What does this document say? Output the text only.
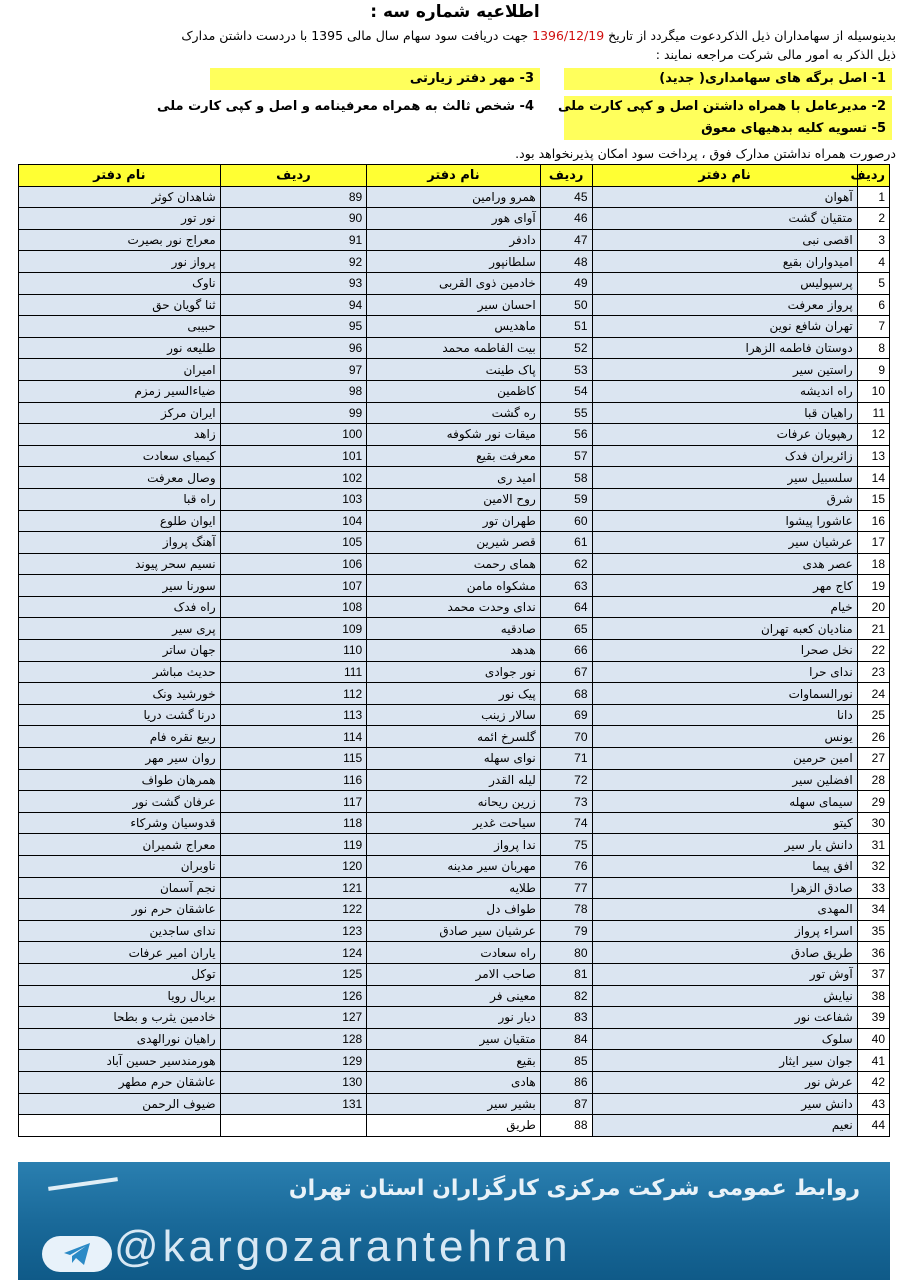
اطلاعیه شماره سه :
بدینوسیله از سهامداران ذیل الذکردعوت میگردد از تاریخ 1396/12/19 جهت دریافت سود سهام سال مالی 1395 با دردست داشتن مدارک
ذیل الذکر به امور مالی شرکت مراجعه نمایند :
1- اصل برگه های سهامداری( جدید)
2- مدیرعامل با همراه داشتن اصل و کپی کارت ملی
5- تسویه کلیه بدهیهای معوق
3- مهر دفتر زیارتی
4- شخص ثالث به همراه معرفینامه و اصل و کپی کارت ملی
درصورت همراه نداشتن مدارک فوق ، پرداخت سود امکان پذیرنخواهد بود.
ردیف	نام دفتر	ردیف	نام دفتر	ردیف	نام دفتر
1	آهوان	45	همرو ورامین	89	شاهدان کوثر
2	متقیان گشت	46	آوای هور	90	نور تور
3	اقصی نبی	47	دادفر	91	معراج نور بصیرت
4	امیدواران بقیع	48	سلطانپور	92	پرواز نور
5	پرسپولیس	49	خادمین ذوی القربی	93	ناوک
6	پرواز معرفت	50	احسان سیر	94	ثنا گویان حق
7	تهران شافع نوین	51	ماهدیس	95	حبیبی
8	دوستان فاطمه الزهرا	52	بیت الفاطمه محمد	96	طلیعه نور
9	راستین سیر	53	پاک طینت	97	امیران
10	راه اندیشه	54	کاظمین	98	ضیاءالسیر زمزم
11	راهیان قبا	55	ره گشت	99	ایران مرکز
12	رهپویان عرفات	56	میقات نور شکوفه	100	زاهد
13	زائربران فدک	57	معرفت بقیع	101	کیمیای سعادت
14	سلسبیل سیر	58	امید ری	102	وصال معرفت
15	شرق	59	روح الامین	103	راه قبا
16	عاشورا پیشوا	60	طهران تور	104	ایوان طلوع
17	عرشیان سیر	61	قصر شیرین	105	آهنگ پرواز
18	عصر هدی	62	همای رحمت	106	نسیم سحر پیوند
19	کاج مهر	63	مشکواه مامن	107	سورنا سیر
20	خیام	64	ندای وحدت محمد	108	راه فدک
21	منادیان کعبه تهران	65	صادقیه	109	پری سیر
22	نخل صحرا	66	هدهد	110	جهان ساتر
23	ندای حرا	67	نور جوادی	111	حدیث مباشر
24	نورالسماوات	68	پیک نور	112	خورشید ونک
25	دانا	69	سالار زینب	113	درنا گشت دریا
26	یونس	70	گلسرخ ائمه	114	ربیع نقره فام
27	امین حرمین	71	نوای سهله	115	روان سیر مهر
28	افضلین سیر	72	لیله القدر	116	همرهان طواف
29	سیمای سهله	73	زرین ریحانه	117	عرفان گشت نور
30	کیتو	74	سیاحت غدیر	118	قدوسیان وشرکاء
31	دانش یار سیر	75	ندا پرواز	119	معراج شمیران
32	افق پیما	76	مهربان سیر مدینه	120	ناوبران
33	صادق الزهرا	77	طلایه	121	نجم آسمان
34	المهدی	78	طواف دل	122	عاشقان حرم نور
35	اسراء پرواز	79	عرشیان سیر صادق	123	ندای ساجدین
36	طریق صادق	80	راه سعادت	124	یاران امیر عرفات
37	آوش تور	81	صاحب الامر	125	توکل
38	نیایش	82	معینی فر	126	بربال رویا
39	شفاعت نور	83	دیار نور	127	خادمین یثرب و بطحا
40	سلوک	84	متقیان سیر	128	راهیان نورالهدی
41	جوان سیر ایثار	85	بقیع	129	هورمندسیر حسین آباد
42	عرش نور	86	هادی	130	عاشقان حرم مطهر
43	دانش سیر	87	بشیر سیر	131	ضیوف الرحمن
44	نعیم	88	طریق		
روابط عمومی شرکت مرکزی کارگزاران استان تهران
@kargozarantehran
